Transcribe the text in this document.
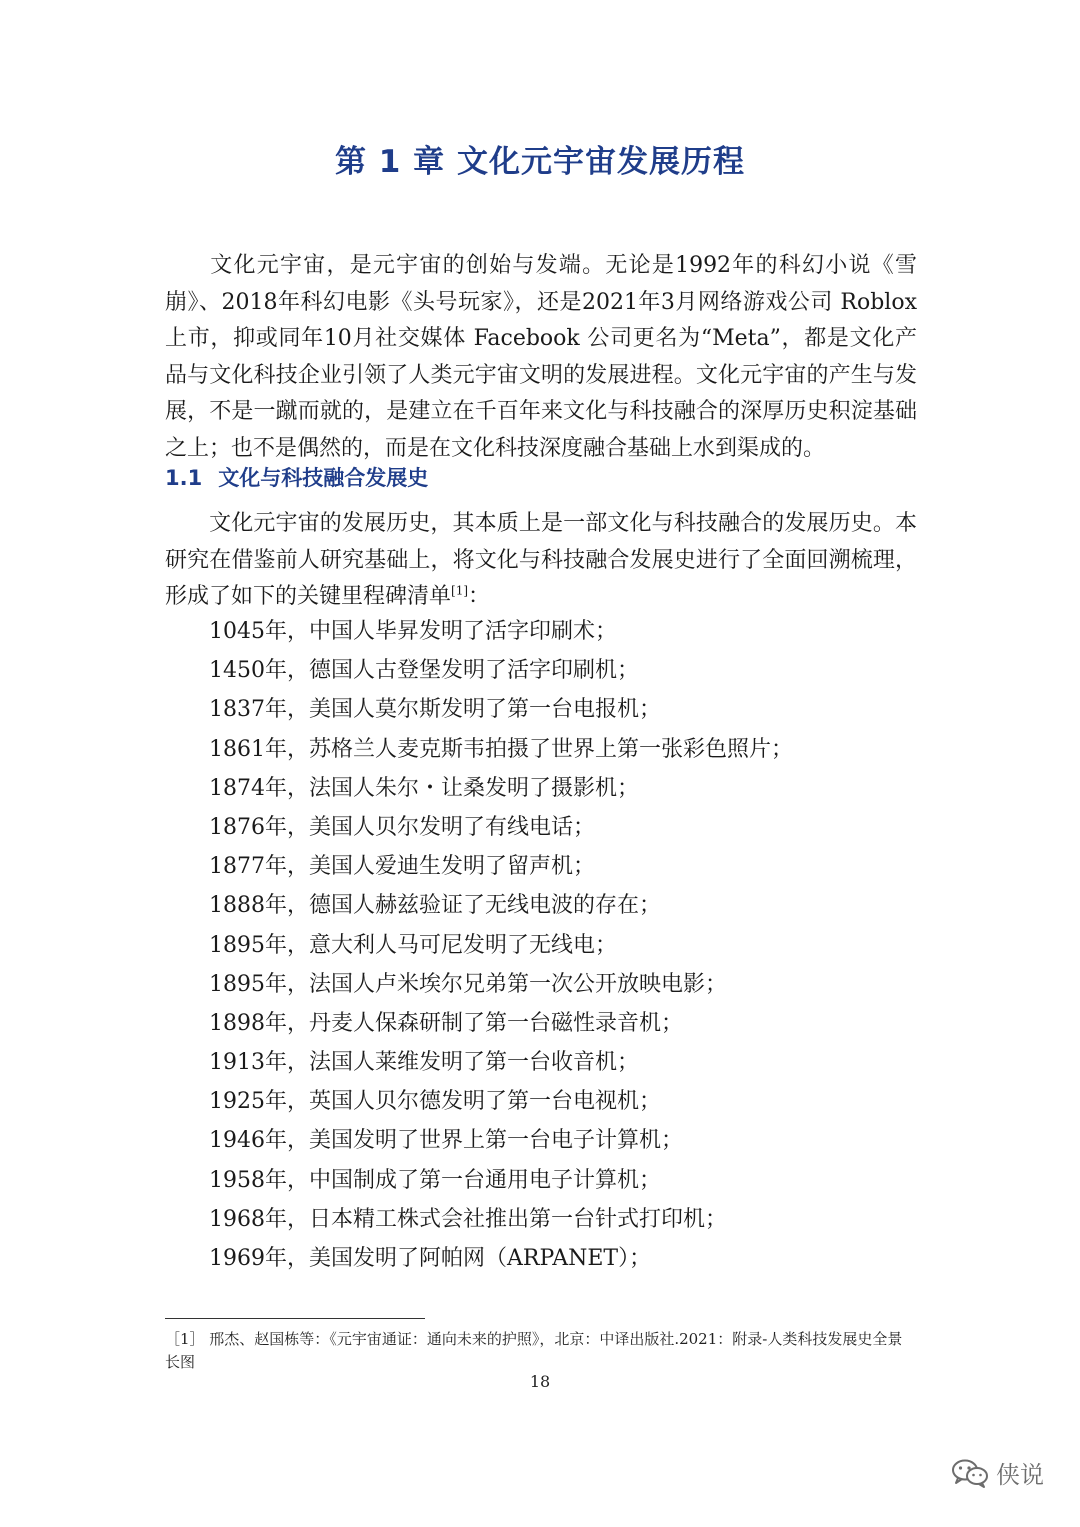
第 1 章 文化元宇宙发展历程

文化元宇宙，是元宇宙的创始与发端。无论是1992年的科幻小说《雪崩》、2018年科幻电影《头号玩家》，还是2021年3月网络游戏公司 Roblox 上市，抑或同年10月社交媒体 Facebook 公司更名为“Meta”，都是文化产品与文化科技企业引领了人类元宇宙文明的发展进程。文化元宇宙的产生与发展，不是一蹴而就的，是建立在千百年来文化与科技融合的深厚历史积淀基础之上；也不是偶然的，而是在文化科技深度融合基础上水到渠成的。

1.1 文化与科技融合发展史

文化元宇宙的发展历史，其本质上是一部文化与科技融合的发展历史。本研究在借鉴前人研究基础上，将文化与科技融合发展史进行了全面回溯梳理，形成了如下的关键里程碑清单[1]：

1045年，中国人毕昇发明了活字印刷术；
1450年，德国人古登堡发明了活字印刷机；
1837年，美国人莫尔斯发明了第一台电报机；
1861年，苏格兰人麦克斯韦拍摄了世界上第一张彩色照片；
1874年，法国人朱尔・让桑发明了摄影机；
1876年，美国人贝尔发明了有线电话；
1877年，美国人爱迪生发明了留声机；
1888年，德国人赫兹验证了无线电波的存在；
1895年，意大利人马可尼发明了无线电；
1895年，法国人卢米埃尔兄弟第一次公开放映电影；
1898年，丹麦人保森研制了第一台磁性录音机；
1913年，法国人莱维发明了第一台收音机；
1925年，英国人贝尔德发明了第一台电视机；
1946年，美国发明了世界上第一台电子计算机；
1958年，中国制成了第一台通用电子计算机；
1968年，日本精工株式会社推出第一台针式打印机；
1969年，美国发明了阿帕网（ARPANET）；

［1］ 邢杰、赵国栋等：《元宇宙通证：通向未来的护照》，北京：中译出版社.2021：附录-人类科技发展史全景长图

18
侠说
